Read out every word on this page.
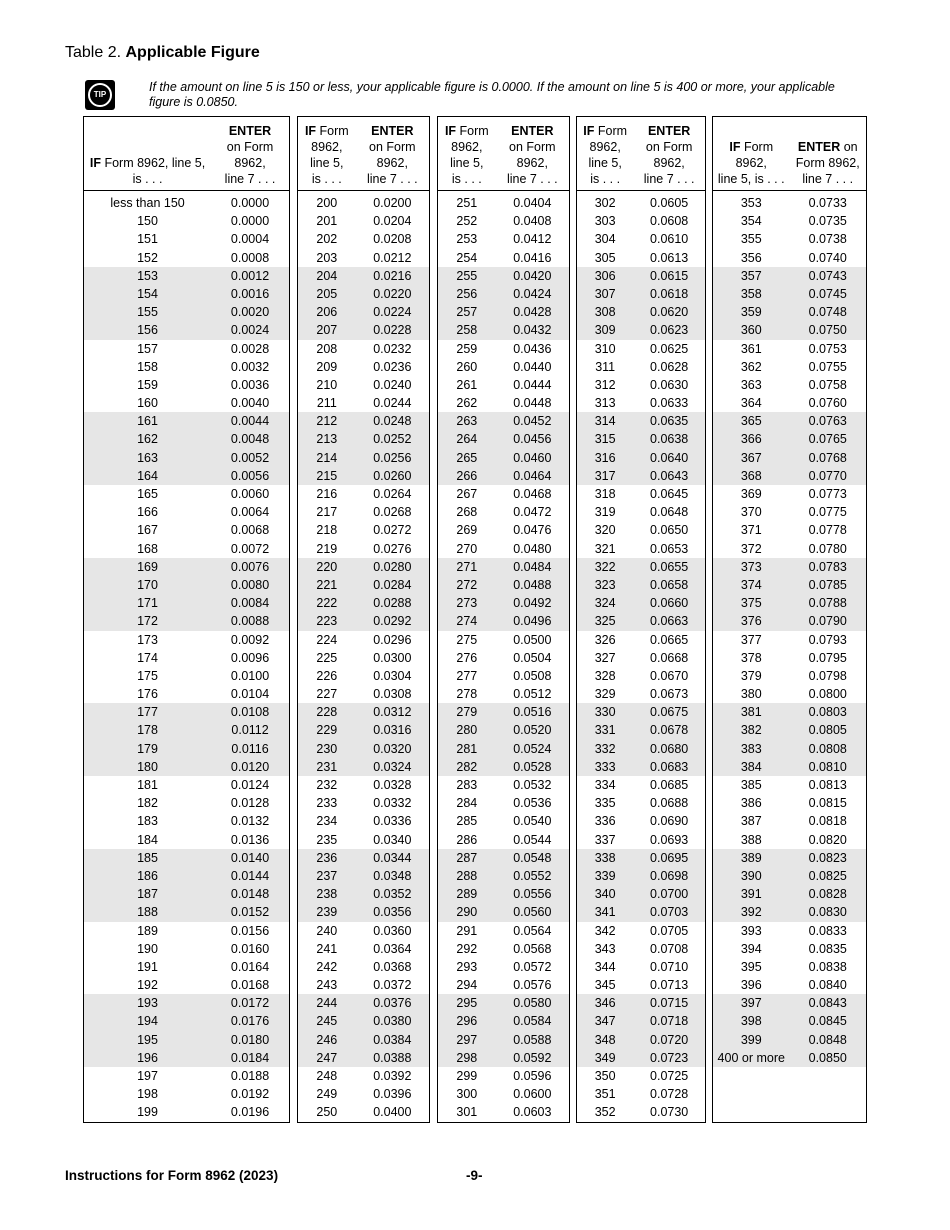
Table 2. Applicable Figure
TIP
If the amount on line 5 is 150 or less, your applicable figure is 0.0000. If the amount on line 5 is 400 or more, your applicable figure is 0.0850.
IF Form 8962, line 5,
is . . .
ENTER
on Form
8962,
line 7 . . .
less than 150	0.0000
150	0.0000
151	0.0004
152	0.0008
153	0.0012
154	0.0016
155	0.0020
156	0.0024
157	0.0028
158	0.0032
159	0.0036
160	0.0040
161	0.0044
162	0.0048
163	0.0052
164	0.0056
165	0.0060
166	0.0064
167	0.0068
168	0.0072
169	0.0076
170	0.0080
171	0.0084
172	0.0088
173	0.0092
174	0.0096
175	0.0100
176	0.0104
177	0.0108
178	0.0112
179	0.0116
180	0.0120
181	0.0124
182	0.0128
183	0.0132
184	0.0136
185	0.0140
186	0.0144
187	0.0148
188	0.0152
189	0.0156
190	0.0160
191	0.0164
192	0.0168
193	0.0172
194	0.0176
195	0.0180
196	0.0184
197	0.0188
198	0.0192
199	0.0196
IF Form
8962,
line 5,
is . . .
ENTER
on Form
8962,
line 7 . . .
200	0.0200
201	0.0204
202	0.0208
203	0.0212
204	0.0216
205	0.0220
206	0.0224
207	0.0228
208	0.0232
209	0.0236
210	0.0240
211	0.0244
212	0.0248
213	0.0252
214	0.0256
215	0.0260
216	0.0264
217	0.0268
218	0.0272
219	0.0276
220	0.0280
221	0.0284
222	0.0288
223	0.0292
224	0.0296
225	0.0300
226	0.0304
227	0.0308
228	0.0312
229	0.0316
230	0.0320
231	0.0324
232	0.0328
233	0.0332
234	0.0336
235	0.0340
236	0.0344
237	0.0348
238	0.0352
239	0.0356
240	0.0360
241	0.0364
242	0.0368
243	0.0372
244	0.0376
245	0.0380
246	0.0384
247	0.0388
248	0.0392
249	0.0396
250	0.0400
IF Form
8962,
line 5,
is . . .
ENTER
on Form
8962,
line 7 . . .
251	0.0404
252	0.0408
253	0.0412
254	0.0416
255	0.0420
256	0.0424
257	0.0428
258	0.0432
259	0.0436
260	0.0440
261	0.0444
262	0.0448
263	0.0452
264	0.0456
265	0.0460
266	0.0464
267	0.0468
268	0.0472
269	0.0476
270	0.0480
271	0.0484
272	0.0488
273	0.0492
274	0.0496
275	0.0500
276	0.0504
277	0.0508
278	0.0512
279	0.0516
280	0.0520
281	0.0524
282	0.0528
283	0.0532
284	0.0536
285	0.0540
286	0.0544
287	0.0548
288	0.0552
289	0.0556
290	0.0560
291	0.0564
292	0.0568
293	0.0572
294	0.0576
295	0.0580
296	0.0584
297	0.0588
298	0.0592
299	0.0596
300	0.0600
301	0.0603
IF Form
8962,
line 5,
is . . .
ENTER
on Form
8962,
line 7 . . .
302	0.0605
303	0.0608
304	0.0610
305	0.0613
306	0.0615
307	0.0618
308	0.0620
309	0.0623
310	0.0625
311	0.0628
312	0.0630
313	0.0633
314	0.0635
315	0.0638
316	0.0640
317	0.0643
318	0.0645
319	0.0648
320	0.0650
321	0.0653
322	0.0655
323	0.0658
324	0.0660
325	0.0663
326	0.0665
327	0.0668
328	0.0670
329	0.0673
330	0.0675
331	0.0678
332	0.0680
333	0.0683
334	0.0685
335	0.0688
336	0.0690
337	0.0693
338	0.0695
339	0.0698
340	0.0700
341	0.0703
342	0.0705
343	0.0708
344	0.0710
345	0.0713
346	0.0715
347	0.0718
348	0.0720
349	0.0723
350	0.0725
351	0.0728
352	0.0730
IF Form
8962,
line 5, is . . .
ENTER on
Form 8962,
line 7 . . .
353	0.0733
354	0.0735
355	0.0738
356	0.0740
357	0.0743
358	0.0745
359	0.0748
360	0.0750
361	0.0753
362	0.0755
363	0.0758
364	0.0760
365	0.0763
366	0.0765
367	0.0768
368	0.0770
369	0.0773
370	0.0775
371	0.0778
372	0.0780
373	0.0783
374	0.0785
375	0.0788
376	0.0790
377	0.0793
378	0.0795
379	0.0798
380	0.0800
381	0.0803
382	0.0805
383	0.0808
384	0.0810
385	0.0813
386	0.0815
387	0.0818
388	0.0820
389	0.0823
390	0.0825
391	0.0828
392	0.0830
393	0.0833
394	0.0835
395	0.0838
396	0.0840
397	0.0843
398	0.0845
399	0.0848
400 or more	0.0850
Instructions for Form 8962 (2023)	-9-
